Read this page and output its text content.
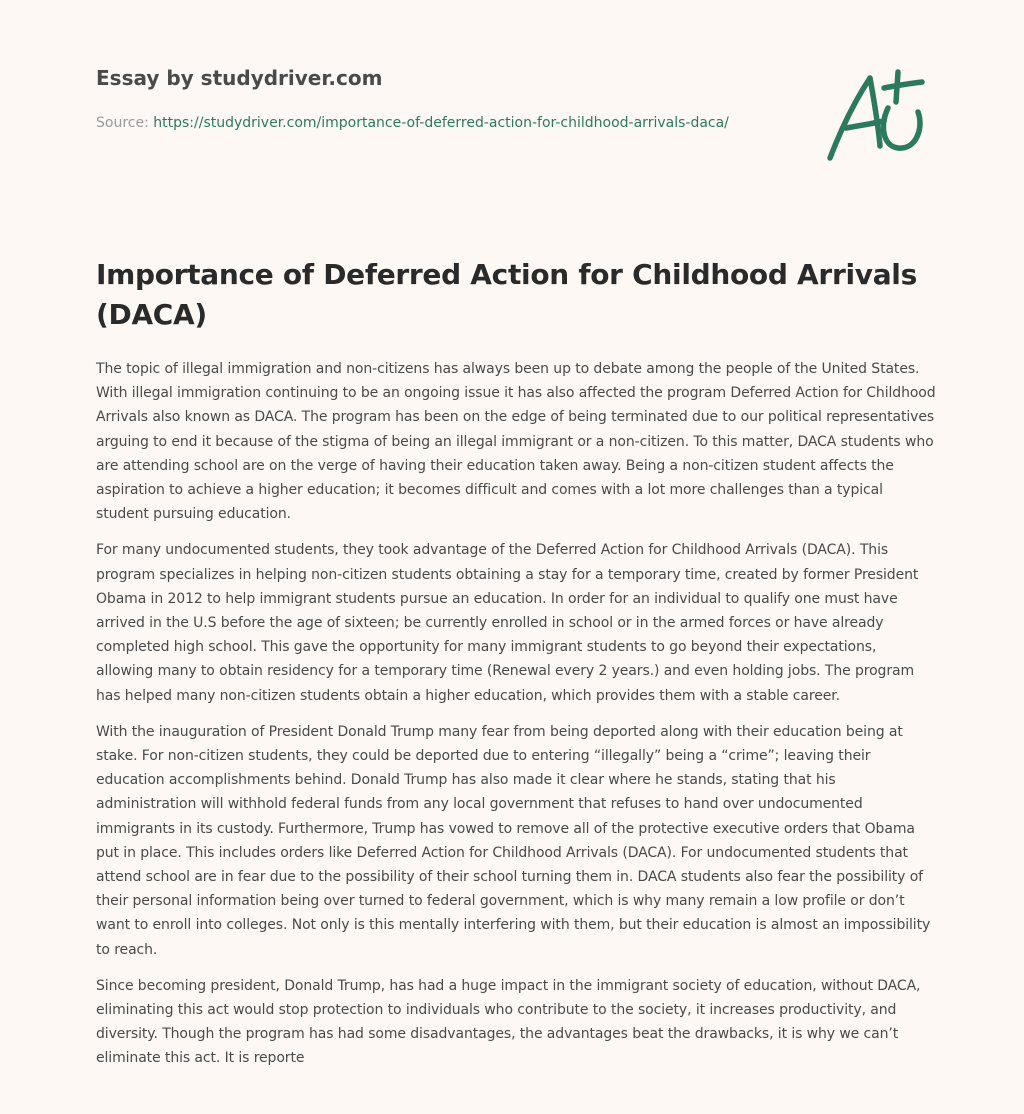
Essay by studydriver.com
Source: https://studydriver.com/importance-of-deferred-action-for-childhood-arrivals-daca/
Importance of Deferred Action for Childhood Arrivals (DACA)

The topic of illegal immigration and non-citizens has always been up to debate among the people of the United States. With illegal immigration continuing to be an ongoing issue it has also affected the program Deferred Action for Childhood Arrivals also known as DACA. The program has been on the edge of being terminated due to our political representatives arguing to end it because of the stigma of being an illegal immigrant or a non-citizen. To this matter, DACA students who are attending school are on the verge of having their education taken away. Being a non-citizen student affects the aspiration to achieve a higher education; it becomes difficult and comes with a lot more challenges than a typical student pursuing education.

For many undocumented students, they took advantage of the Deferred Action for Childhood Arrivals (DACA). This program specializes in helping non-citizen students obtaining a stay for a temporary time, created by former President Obama in 2012 to help immigrant students pursue an education. In order for an individual to qualify one must have arrived in the U.S before the age of sixteen; be currently enrolled in school or in the armed forces or have already completed high school. This gave the opportunity for many immigrant students to go beyond their expectations, allowing many to obtain residency for a temporary time (Renewal every 2 years.) and even holding jobs. The program has helped many non-citizen students obtain a higher education, which provides them with a stable career.

With the inauguration of President Donald Trump many fear from being deported along with their education being at stake. For non-citizen students, they could be deported due to entering “illegally” being a “crime”; leaving their education accomplishments behind. Donald Trump has also made it clear where he stands, stating that his administration will withhold federal funds from any local government that refuses to hand over undocumented immigrants in its custody. Furthermore, Trump has vowed to remove all of the protective executive orders that Obama put in place. This includes orders like Deferred Action for Childhood Arrivals (DACA). For undocumented students that attend school are in fear due to the possibility of their school turning them in. DACA students also fear the possibility of their personal information being over turned to federal government, which is why many remain a low profile or don’t want to enroll into colleges. Not only is this mentally interfering with them, but their education is almost an impossibility to reach.

Since becoming president, Donald Trump, has had a huge impact in the immigrant society of education, without DACA, eliminating this act would stop protection to individuals who contribute to the society, it increases productivity, and diversity. Though the program has had some disadvantages, the advantages beat the drawbacks, it is why we can’t eliminate this act. It is reporte
